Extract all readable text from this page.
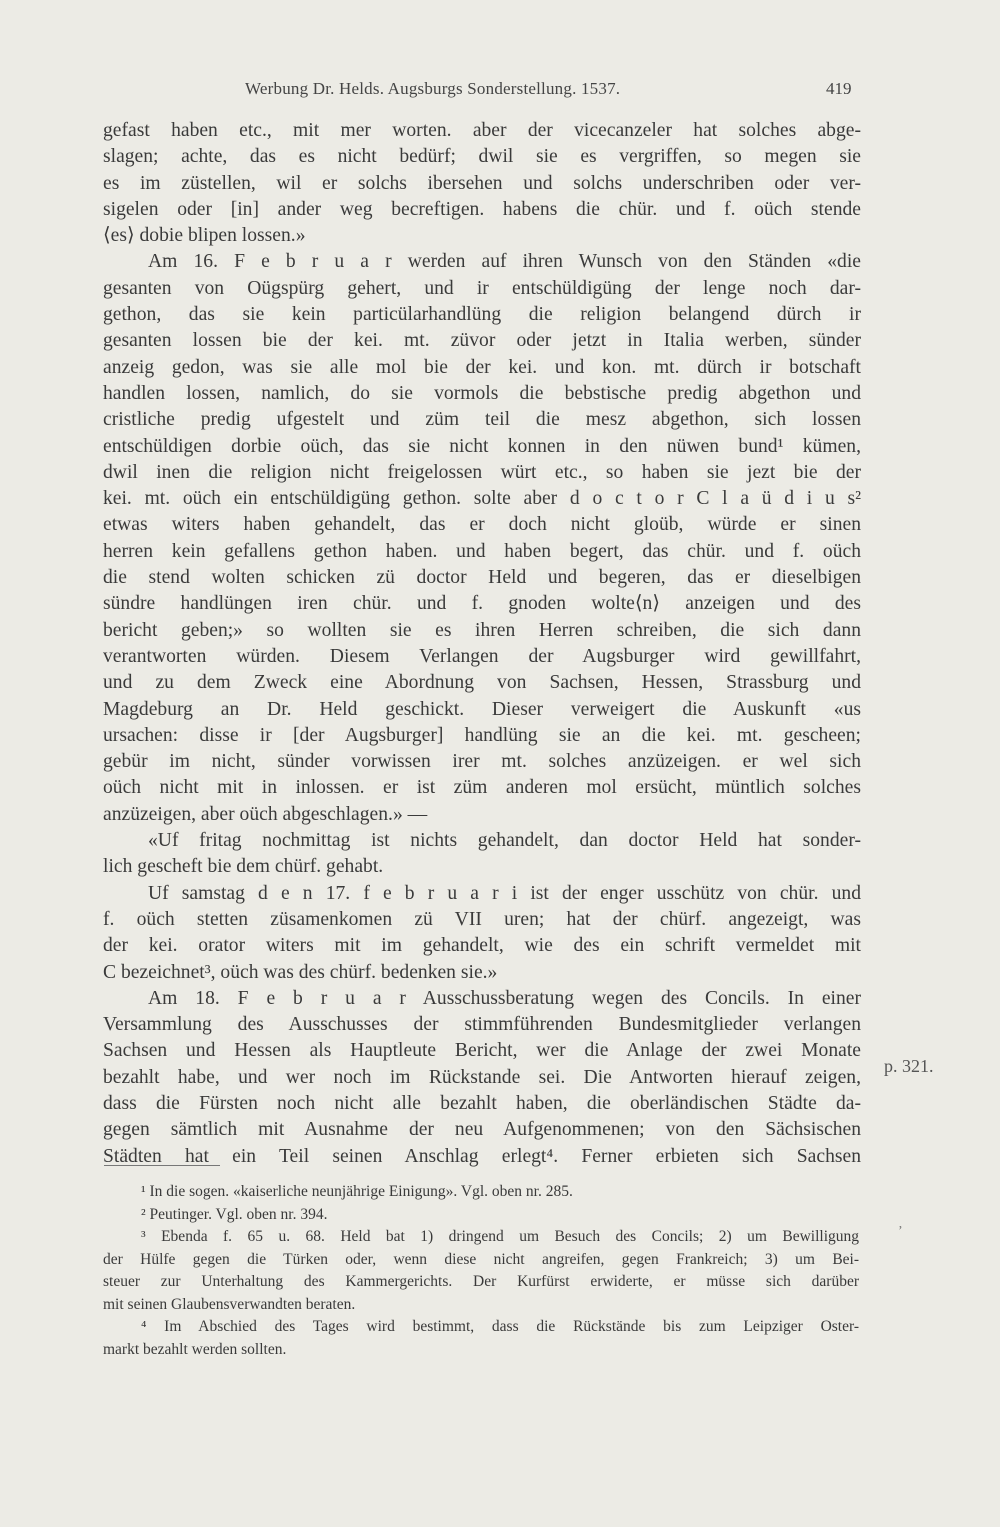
Werbung Dr. Helds. Augsburgs Sonderstellung. 1537.	419
gefast haben etc., mit mer worten. aber der vicecanzeler hat solches abge-
slagen; achte, das es nicht bedürf; dwil sie es vergriffen, so megen sie
es im züstellen, wil er solchs ibersehen und solchs underschriben oder ver-
sigelen oder [in] ander weg becreftigen. habens die chür. und f. oüch stende
⟨es⟩ dobie blipen lossen.»
Am 16. F e b r u a r werden auf ihren Wunsch von den Ständen «die
gesanten von Oügspürg gehert, und ir entschüldigüng der lenge noch dar-
gethon, das sie kein particülarhandlüng die religion belangend dürch ir
gesanten lossen bie der kei. mt. züvor oder jetzt in Italia werben, sünder
anzeig gedon, was sie alle mol bie der kei. und kon. mt. dürch ir botschaft
handlen lossen, namlich, do sie vormols die bebstische predig abgethon und
cristliche predig ufgestelt und züm teil die mesz abgethon, sich lossen
entschüldigen dorbie oüch, das sie nicht konnen in den nüwen bund¹ kümen,
dwil inen die religion nicht freigelossen würt etc., so haben sie jezt bie der
kei. mt. oüch ein entschüldigüng gethon. solte aber d o c t o r C l a ü d i u s²
etwas witers haben gehandelt, das er doch nicht gloüb, würde er sinen
herren kein gefallens gethon haben. und haben begert, das chür. und f. oüch
die stend wolten schicken zü doctor Held und begeren, das er dieselbigen
sündre handlüngen iren chür. und f. gnoden wolte⟨n⟩ anzeigen und des
bericht geben;» so wollten sie es ihren Herren schreiben, die sich dann
verantworten würden. Diesem Verlangen der Augsburger wird gewillfahrt,
und zu dem Zweck eine Abordnung von Sachsen, Hessen, Strassburg und
Magdeburg an Dr. Held geschickt. Dieser verweigert die Auskunft «us
ursachen: disse ir [der Augsburger] handlüng sie an die kei. mt. gescheen;
gebür im nicht, sünder vorwissen irer mt. solches anzüzeigen. er wel sich
oüch nicht mit in inlossen. er ist züm anderen mol ersücht, müntlich solches
anzüzeigen, aber oüch abgeschlagen.» —
«Uf fritag nochmittag ist nichts gehandelt, dan doctor Held hat sonder-
lich gescheft bie dem chürf. gehabt.
Uf samstag d e n 17. f e b r u a r i ist der enger usschütz von chür. und
f. oüch stetten züsamenkomen zü VII uren; hat der chürf. angezeigt, was
der kei. orator witers mit im gehandelt, wie des ein schrift vermeldet mit
C bezeichnet³, oüch was des chürf. bedenken sie.»
Am 18. F e b r u a r Ausschussberatung wegen des Concils. In einer
Versammlung des Ausschusses der stimmführenden Bundesmitglieder verlangen
Sachsen und Hessen als Hauptleute Bericht, wer die Anlage der zwei Monate
bezahlt habe, und wer noch im Rückstande sei. Die Antworten hierauf zeigen,
dass die Fürsten noch nicht alle bezahlt haben, die oberländischen Städte da-
gegen sämtlich mit Ausnahme der neu Aufgenommenen; von den Sächsischen
Städten hat ein Teil seinen Anschlag erlegt⁴. Ferner erbieten sich Sachsen
p. 321.
¹ In die sogen. «kaiserliche neunjährige Einigung». Vgl. oben nr. 285.
² Peutinger. Vgl. oben nr. 394.
³ Ebenda f. 65 u. 68. Held bat 1) dringend um Besuch des Concils; 2) um Bewilligung
der Hülfe gegen die Türken oder, wenn diese nicht angreifen, gegen Frankreich; 3) um Bei-
steuer zur Unterhaltung des Kammergerichts. Der Kurfürst erwiderte, er müsse sich darüber
mit seinen Glaubensverwandten beraten.
⁴ Im Abschied des Tages wird bestimmt, dass die Rückstände bis zum Leipziger Oster-
markt bezahlt werden sollten.
’
